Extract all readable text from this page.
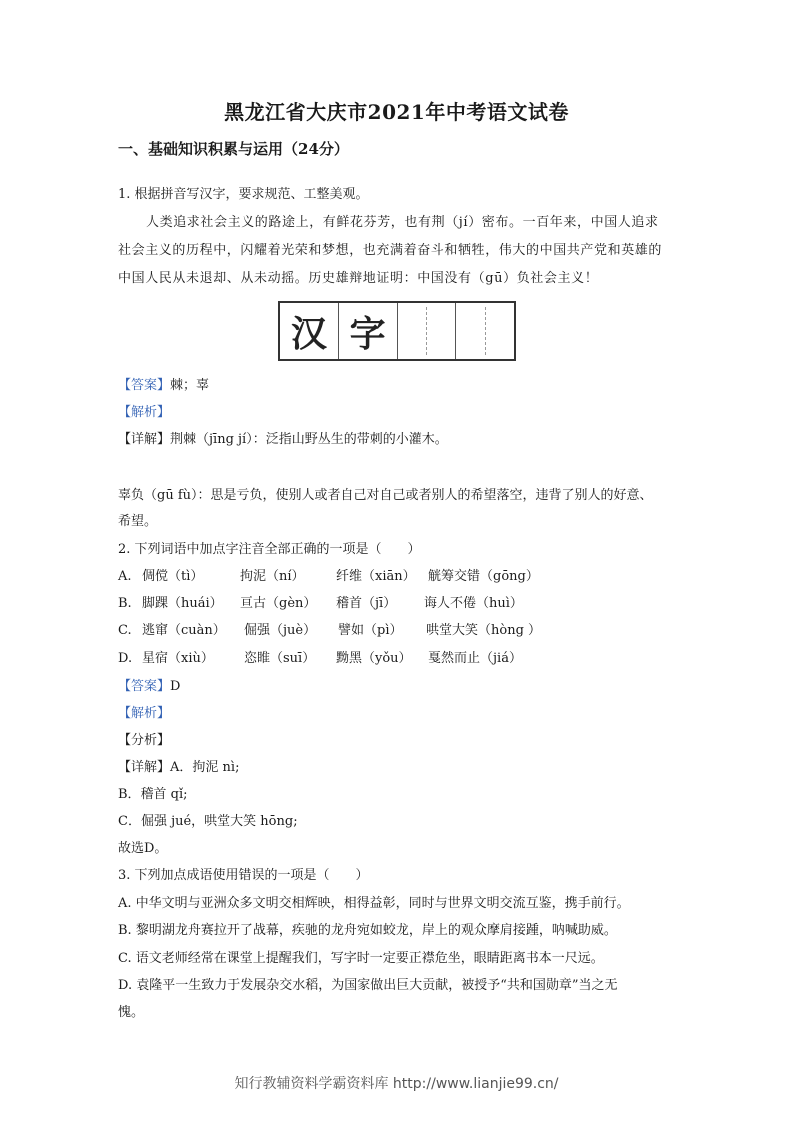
黑龙江省大庆市2021年中考语文试卷
一、基础知识积累与运用（24分）
1. 根据拼音写汉字，要求规范、工整美观。
人类追求社会主义的路途上，有鲜花芬芳，也有荆（jí）密布。一百年来，中国人追求
社会主义的历程中，闪耀着光荣和梦想，也充满着奋斗和牺牲，伟大的中国共产党和英雄的
中国人民从未退却、从未动摇。历史雄辩地证明：中国没有（gū）负社会主义！
汉 字
【答案】棘；辜
【解析】
【详解】荆棘（jīng jí）：泛指山野丛生的带刺的小灌木。
辜负（gū fù）：思是亏负，使别人或者自己对自己或者别人的希望落空，违背了别人的好意、
希望。
2. 下列词语中加点字注音全部正确的一项是（　　）
A. 倜傥（tì）	拘泥（ní） 纤维（xiān） 觥筹交错（gōng）
B. 脚踝（huái） 亘古（gèn） 稽首（jī） 诲人不倦（huì）
C. 逃窜（cuàn） 倔强（juè） 譬如（pì） 哄堂大笑（hòng ）
D. 星宿（xiù） 恣睢（suī） 黝黑（yǒu） 戛然而止（jiá）
【答案】D
【解析】
【分析】
【详解】A．拘泥 nì;
B．稽首 qǐ;
C．倔强 jué，哄堂大笑 hōng;
故选D。
3. 下列加点成语使用错误的一项是（　　）
A. 中华文明与亚洲众多文明交相辉映，相得益彰，同时与世界文明交流互鉴，携手前行。
B. 黎明湖龙舟赛拉开了战幕，疾驰的龙舟宛如蛟龙，岸上的观众摩肩接踵，呐喊助威。
C. 语文老师经常在课堂上提醒我们，写字时一定要正襟危坐，眼睛距离书本一尺远。
D. 袁隆平一生致力于发展杂交水稻，为国家做出巨大贡献，被授予“共和国勋章”当之无
愧。
知行教辅资料学霸资料库 http://www.lianjie99.cn/
